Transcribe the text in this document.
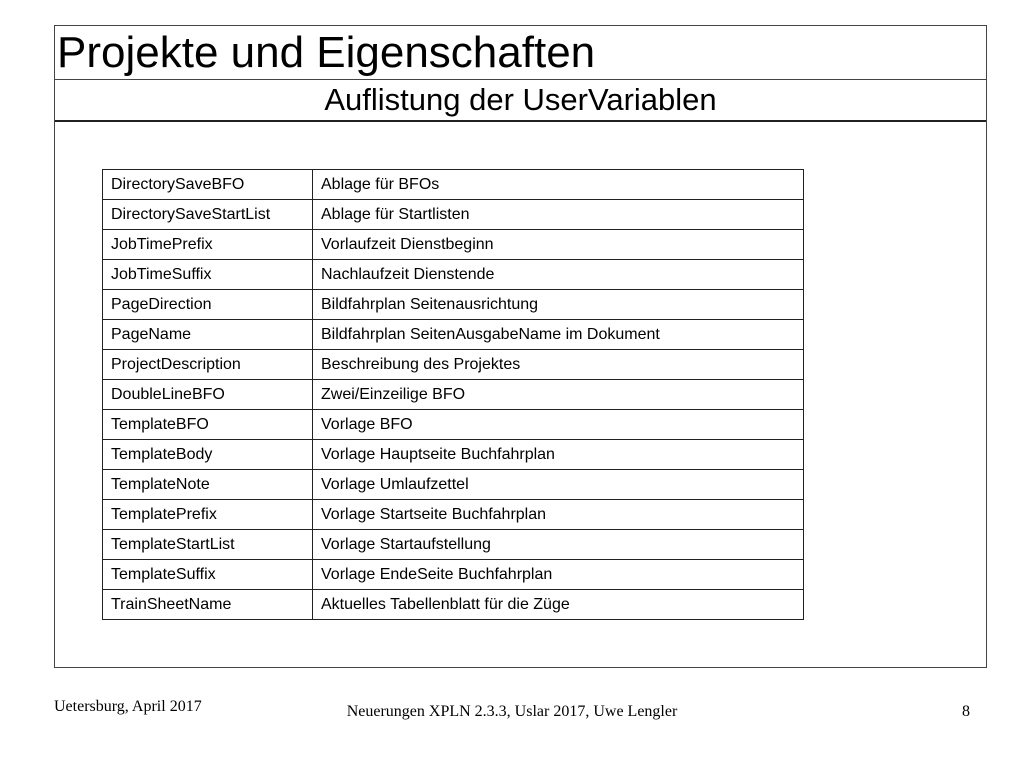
Projekte und Eigenschaften
Auflistung der UserVariablen
DirectorySaveBFO	Ablage für BFOs
DirectorySaveStartList	Ablage für Startlisten
JobTimePrefix	Vorlaufzeit Dienstbeginn
JobTimeSuffix	Nachlaufzeit Dienstende
PageDirection	Bildfahrplan Seitenausrichtung
PageName	Bildfahrplan SeitenAusgabeName im Dokument
ProjectDescription	Beschreibung des Projektes
DoubleLineBFO	Zwei/Einzeilige BFO
TemplateBFO	Vorlage BFO
TemplateBody	Vorlage Hauptseite Buchfahrplan
TemplateNote	Vorlage Umlaufzettel
TemplatePrefix	Vorlage Startseite Buchfahrplan
TemplateStartList	Vorlage Startaufstellung
TemplateSuffix	Vorlage EndeSeite Buchfahrplan
TrainSheetName	Aktuelles Tabellenblatt für die Züge
Uetersburg, April 2017	Neuerungen XPLN 2.3.3, Uslar 2017, Uwe Lengler	8
